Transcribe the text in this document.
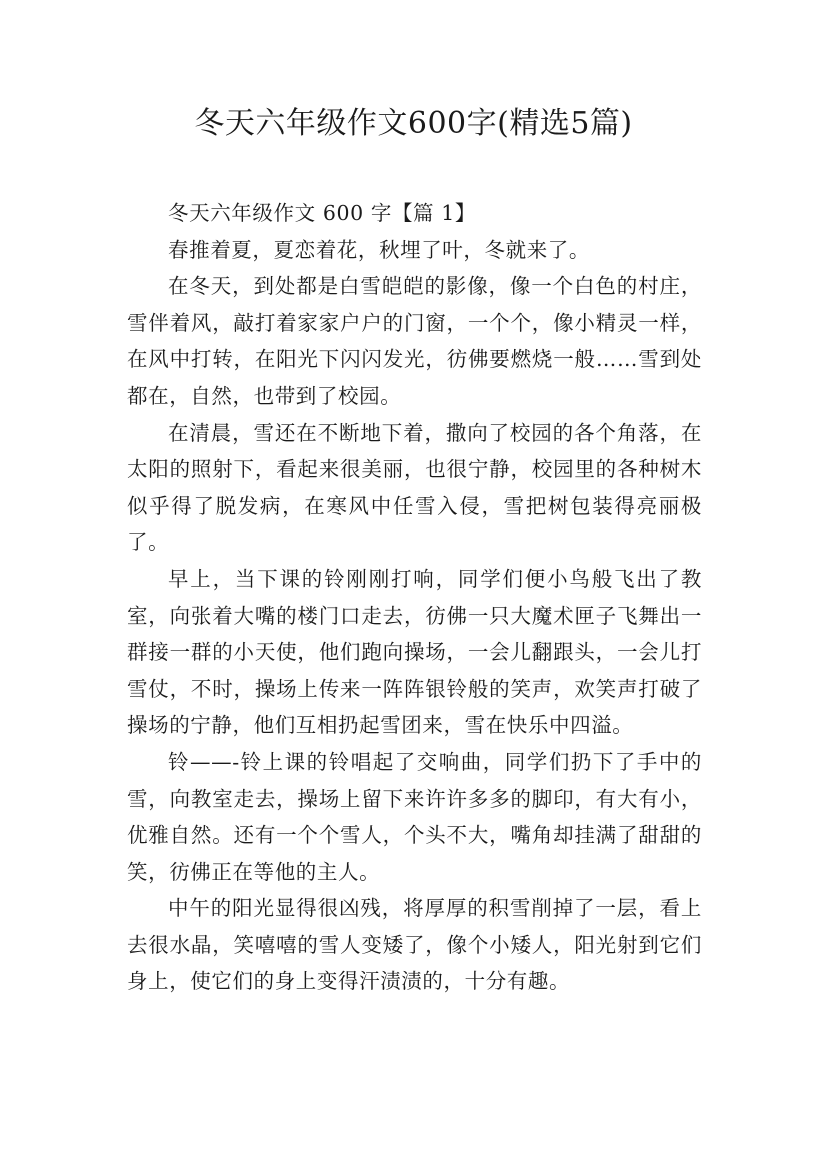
冬天六年级作文600字(精选5篇)

冬天六年级作文 600 字【篇 1】

春推着夏，夏恋着花，秋埋了叶，冬就来了。

在冬天，到处都是白雪皑皑的影像，像一个白色的村庄，雪伴着风，敲打着家家户户的门窗，一个个，像小精灵一样，在风中打转，在阳光下闪闪发光，彷佛要燃烧一般……雪到处都在，自然，也带到了校园。

在清晨，雪还在不断地下着，撒向了校园的各个角落，在太阳的照射下，看起来很美丽，也很宁静，校园里的各种树木似乎得了脱发病，在寒风中任雪入侵，雪把树包装得亮丽极了。

早上，当下课的铃刚刚打响，同学们便小鸟般飞出了教室，向张着大嘴的楼门口走去，彷佛一只大魔术匣子飞舞出一群接一群的小天使，他们跑向操场，一会儿翻跟头，一会儿打雪仗，不时，操场上传来一阵阵银铃般的笑声，欢笑声打破了操场的宁静，他们互相扔起雪团来，雪在快乐中四溢。

铃——-铃上课的铃唱起了交响曲，同学们扔下了手中的雪，向教室走去，操场上留下来许许多多的脚印，有大有小，优雅自然。还有一个个雪人，个头不大，嘴角却挂满了甜甜的笑，彷佛正在等他的主人。

中午的阳光显得很凶残，将厚厚的积雪削掉了一层，看上去很水晶，笑嘻嘻的雪人变矮了，像个小矮人，阳光射到它们身上，使它们的身上变得汗渍渍的，十分有趣。
